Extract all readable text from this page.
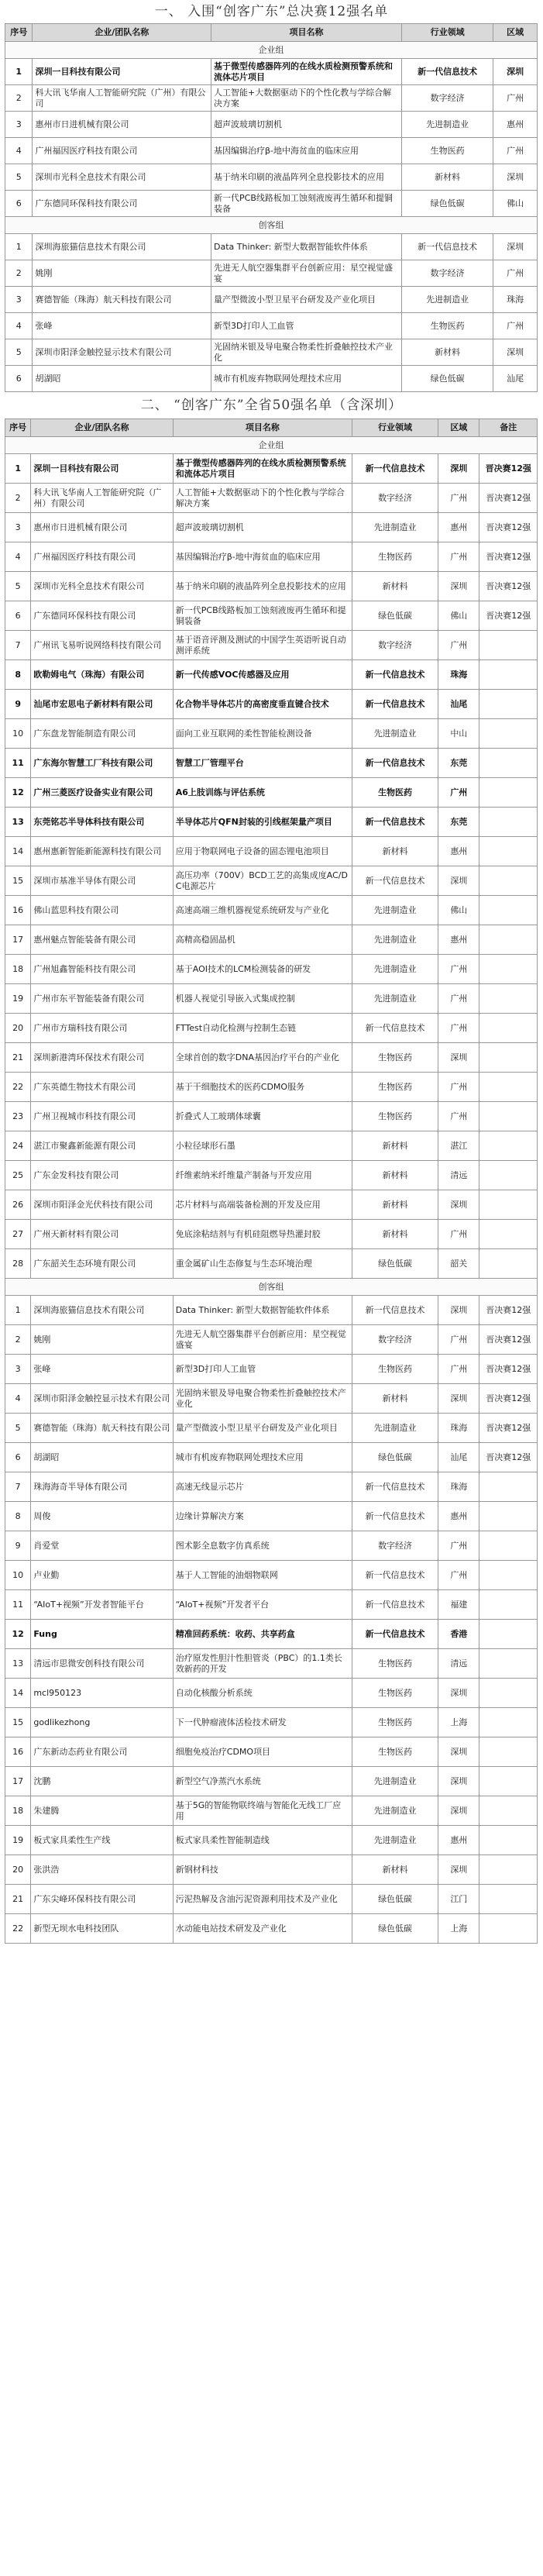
一、 入围“创客广东”总决赛12强名单
序号	企业/团队名称	项目名称	行业领域	区域
企业组				
1	深圳一目科技有限公司	基于微型传感器阵列的在线水质检测预警系统和流体芯片项目	新一代信息技术	深圳
2	科大讯飞华南人工智能研究院（广州）有限公司	人工智能+大数据驱动下的个性化教与学综合解决方案	数字经济	广州
3	惠州市日进机械有限公司	超声波玻璃切割机	先进制造业	惠州
4	广州福因医疗科技有限公司	基因编辑治疗β-地中海贫血的临床应用	生物医药	广州
5	深圳市光科全息技术有限公司	基于纳米印刷的液晶阵列全息投影技术的应用	新材料	深圳
6	广东德同环保科技有限公司	新一代PCB线路板加工蚀刻液废再生循环和提铜装备	绿色低碳	佛山
创客组				
1	深圳海旅猫信息技术有限公司	Data Thinker: 新型大数据智能软件体系	新一代信息技术	深圳
2	姚刚	先进无人航空器集群平台创新应用：星空视觉盛宴	数字经济	广州
3	赛德智能（珠海）航天科技有限公司	量产型微波小型卫星平台研发及产业化项目	先进制造业	珠海
4	张峰	新型3D打印人工血管	生物医药	广州
5	深圳市阳泽金触控显示技术有限公司	光固纳米银及导电聚合物柔性折叠触控技术产业化	新材料	深圳
6	胡湖昭	城市有机废弃物联网处理技术应用	绿色低碳	汕尾
二、 “创客广东”全省50强名单（含深圳）
序号	企业/团队名称	项目名称	行业领域	区域	备注
企业组					
1	深圳一目科技有限公司	基于微型传感器阵列的在线水质检测预警系统和流体芯片项目	新一代信息技术	深圳	晋决赛12强
2	科大讯飞华南人工智能研究院（广州）有限公司	人工智能+大数据驱动下的个性化教与学综合解决方案	数字经济	广州	晋决赛12强
3	惠州市日进机械有限公司	超声波玻璃切割机	先进制造业	惠州	晋决赛12强
4	广州福因医疗科技有限公司	基因编辑治疗β-地中海贫血的临床应用	生物医药	广州	晋决赛12强
5	深圳市光科全息技术有限公司	基于纳米印刷的液晶阵列全息投影技术的应用	新材料	深圳	晋决赛12强
6	广东德同环保科技有限公司	新一代PCB线路板加工蚀刻液废再生循环和提铜装备	绿色低碳	佛山	晋决赛12强
7	广州讯飞易听说网络科技有限公司	基于语音评测及测试的中国学生英语听说自动测评系统	数字经济	广州	
8	欧勒姆电气（珠海）有限公司	新一代传感VOC传感器及应用	新一代信息技术	珠海	
9	汕尾市宏思电子新材料有限公司	化合物半导体芯片的高密度垂直键合技术	新一代信息技术	汕尾	
10	广东盘龙智能制造有限公司	面向工业互联网的柔性智能检测设备	先进制造业	中山	
11	广东海尔智慧工厂科技有限公司	智慧工厂管理平台	新一代信息技术	东莞	
12	广州三菱医疗设备实业有限公司	A6上肢训练与评估系统	生物医药	广州	
13	东莞铭芯半导体科技有限公司	半导体芯片QFN封装的引线框架量产项目	新一代信息技术	东莞	
14	惠州惠新智能新能源科技有限公司	应用于物联网电子设备的固态锂电池项目	新材料	惠州	
15	深圳市基准半导体有限公司	高压功率（700V）BCD工艺的高集成度AC/DC电源芯片	新一代信息技术	深圳	
16	佛山蓝思科技有限公司	高速高端三维机器视觉系统研发与产业化	先进制造业	佛山	
17	惠州魅点智能装备有限公司	高精高稳固晶机	先进制造业	惠州	
18	广州旭鑫智能科技有限公司	基于AOI技术的LCM检测装备的研发	先进制造业	广州	
19	广州市东平智能装备有限公司	机器人视觉引导嵌入式集成控制	先进制造业	广州	
20	广州市方瑞科技有限公司	FTTest自动化检测与控制生态链	新一代信息技术	广州	
21	深圳新港湾环保技术有限公司	全球首创的数字DNA基因治疗平台的产业化	生物医药	深圳	
22	广东英德生物技术有限公司	基于干细胞技术的医药CDMO服务	生物医药	广州	
23	广州卫视城市科技有限公司	折叠式人工玻璃体球囊	生物医药	广州	
24	湛江市聚鑫新能源有限公司	小粒径球形石墨	新材料	湛江	
25	广东金发科技有限公司	纤维素纳米纤维量产制备与开发应用	新材料	清远	
26	深圳市阳泽金光伏科技有限公司	芯片材料与高端装备检测的开发及应用	新材料	深圳	
27	广州天新材料有限公司	免底涂粘结剂与有机硅阻燃导热灌封胶	新材料	广州	
28	广东韶关生态环境有限公司	重金属矿山生态修复与生态环境治理	绿色低碳	韶关	
创客组					
1	深圳海旅猫信息技术有限公司	Data Thinker: 新型大数据智能软件体系	新一代信息技术	深圳	晋决赛12强
2	姚刚	先进无人航空器集群平台创新应用：星空视觉盛宴	数字经济	广州	晋决赛12强
3	张峰	新型3D打印人工血管	生物医药	广州	晋决赛12强
4	深圳市阳泽金触控显示技术有限公司	光固纳米银及导电聚合物柔性折叠触控技术产业化	新材料	深圳	晋决赛12强
5	赛德智能（珠海）航天科技有限公司	量产型微波小型卫星平台研发及产业化项目	先进制造业	珠海	晋决赛12强
6	胡湖昭	城市有机废弃物联网处理技术应用	绿色低碳	汕尾	晋决赛12强
7	珠海海奇半导体有限公司	高速无线显示芯片	新一代信息技术	珠海	
8	周俊	边缘计算解决方案	新一代信息技术	惠州	
9	肖爱堂	图术影全息数字仿真系统	数字经济	广州	
10	卢业勤	基于人工智能的油烟物联网	新一代信息技术	广州	
11	“AIoT+视频”开发者智能平台	“AIoT+视频”开发者平台	新一代信息技术	福建	
12	Fung	精准回药系统：收药、共享药盒	新一代信息技术	香港	
13	清远市思微安创科技有限公司	治疗原发性胆汁性胆管炎（PBC）的1.1类长效新药的开发	生物医药	清远	
14	mcl950123	自动化核酸分析系统	生物医药	深圳	
15	godlikezhong	下一代肿瘤液体活检技术研发	生物医药	上海	
16	广东新动态药业有限公司	细胞免疫治疗CDMO项目	生物医药	深圳	
17	沈鹏	新型空气净蒸汽水系统	先进制造业	深圳	
18	朱建腾	基于5G的智能物联终端与智能化无线工厂应用	先进制造业	深圳	
19	板式家具柔性生产线	板式家具柔性智能制造线	先进制造业	惠州	
20	张洪浩	新钢材科技	新材料	深圳	
21	广东尖峰环保科技有限公司	污泥热解及含油污泥资源利用技术及产业化	绿色低碳	江门	
22	新型无坝水电科技团队	水动能电站技术研发及产业化	绿色低碳	上海	
